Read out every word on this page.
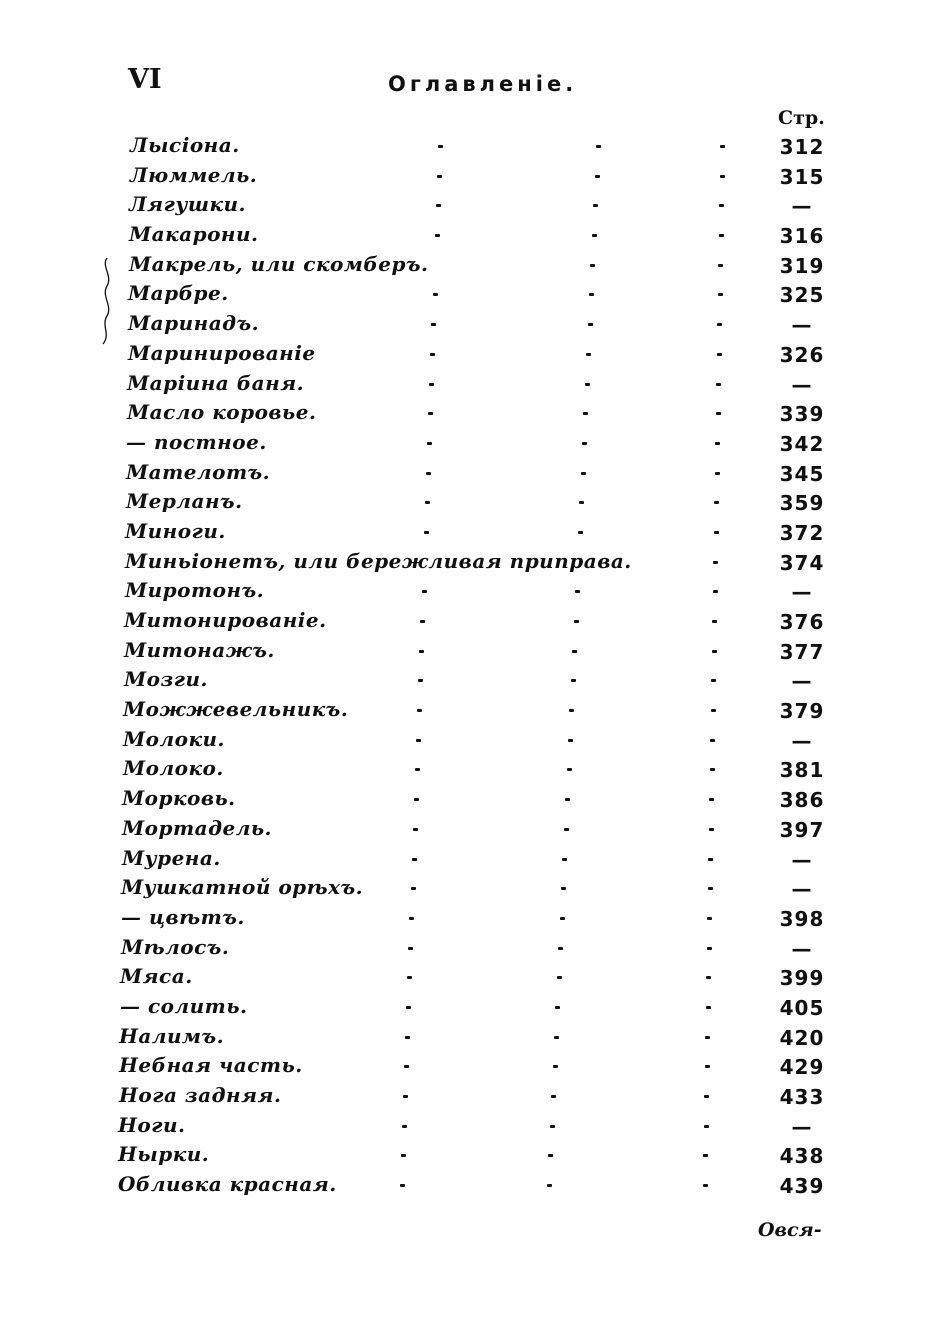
VI	Оглавленіе.
Стр.
Лысіона.	312
Люммель.	315
Лягушки.	—
Макарони.	316
Макрель, или скомберъ.	319
Марбре.	325
Маринадъ.	—
Маринированіе	326
Маріина баня.	—
Масло коровье.	339
— постное.	342
Мателотъ.	345
Мерланъ.	359
Миноги.	372
Миньіонетъ, или бережливая приправа.	374
Миротонъ.	—
Митонированіе.	376
Митонажъ.	377
Мозги.	—
Можжевельникъ.	379
Молоки.	—
Молоко.	381
Морковь.	386
Мортадель.	397
Мурена.	—
Мушкатной орѣхъ.	—
— цвѣтъ.	398
Мѣлосъ.	—
Мяса.	399
— солить.	405
Налимъ.	420
Небная часть.	429
Нога задняя.	433
Ноги.	—
Нырки.	438
Обливка красная.	439
Овся-
